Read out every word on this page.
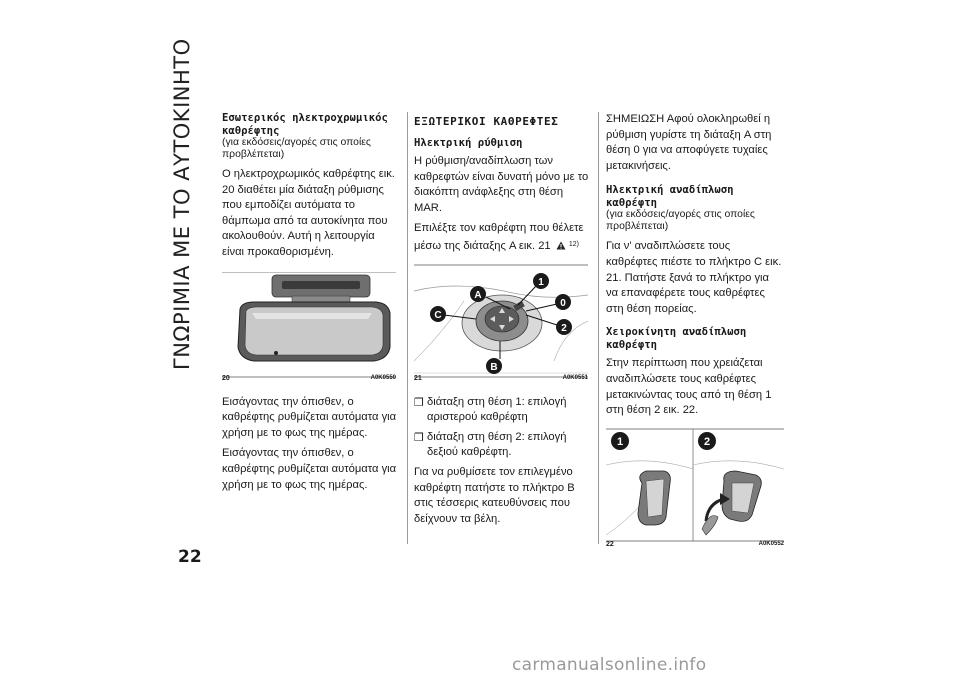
ΓΝΩΡΙΜΙΑ ΜΕ ΤΟ ΑΥΤΟΚΙΝΗΤΟ
22
Εσωτερικός ηλεκτροχρωμικός καθρέφτης
(για εκδόσεις/αγορές στις οποίες προβλέπεται)

Ο ηλεκτροχρωμικός καθρέφτης εικ. 20 διαθέτει μία διάταξη ρύθμισης που εμποδίζει αυτόματα το θάμπωμα από τα αυτοκίνητα που ακολουθούν. Αυτή η λειτουργία είναι προκαθορισμένη.

20	A0K0550

Εισάγοντας την όπισθεν, ο καθρέφτης ρυθμίζεται αυτόματα για χρήση με το φως της ημέρας.

Εισάγοντας την όπισθεν, ο καθρέφτης ρυθμίζεται αυτόματα για χρήση με το φως της ημέρας.

ΕΞΩΤΕΡΙΚΟΙ ΚΑΘΡΕΦΤΕΣ
Ηλεκτρική ρύθμιση

Η ρύθμιση/αναδίπλωση των καθρεφτών είναι δυνατή μόνο με το διακόπτη ανάφλεξης στη θέση MAR.

Επιλέξτε τον καθρέφτη που θέλετε μέσω της διάταξης A εικ. 21	$^{12)}$

A
1
0
2
C
B
21	A0K0551
❒ διάταξη στη θέση 1: επιλογή αριστερού καθρέφτη
❒ διάταξη στη θέση 2: επιλογή δεξιού καθρέφτη.

Για να ρυθμίσετε τον επιλεγμένο καθρέφτη πατήστε το πλήκτρο B στις τέσσερις κατευθύνσεις που δείχνουν τα βέλη.

ΣΗΜΕΙΩΣΗ Αφού ολοκληρωθεί η ρύθμιση γυρίστε τη διάταξη A στη θέση 0 για να αποφύγετε τυχαίες μετακινήσεις.

Ηλεκτρική αναδίπλωση καθρέφτη
(για εκδόσεις/αγορές στις οποίες προβλέπεται)

Για ν' αναδιπλώσετε τους καθρέφτες πιέστε το πλήκτρο C εικ. 21. Πατήστε ξανά το πλήκτρο για να επαναφέρετε τους καθρέφτες στη θέση πορείας.

Χειροκίνητη αναδίπλωση καθρέφτη

Στην περίπτωση που χρειάζεται αναδιπλώσετε τους καθρέφτες μετακινώντας τους από τη θέση 1 στη θέση 2 εικ. 22.

1	2
22	A0K0552
carmanualsonline.info
